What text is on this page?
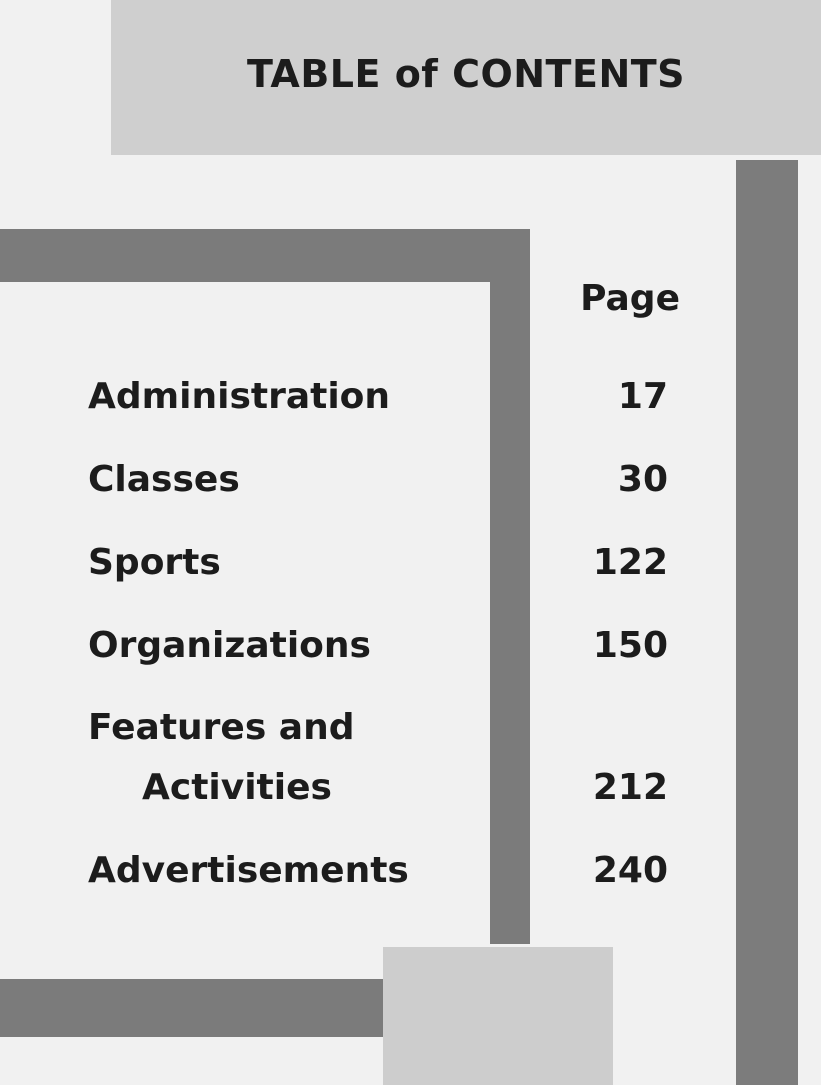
TABLE of CONTENTS
Page
Administration	17
Classes	30
Sports	122
Organizations	150
Features and
Activities	212
Advertisements	240
